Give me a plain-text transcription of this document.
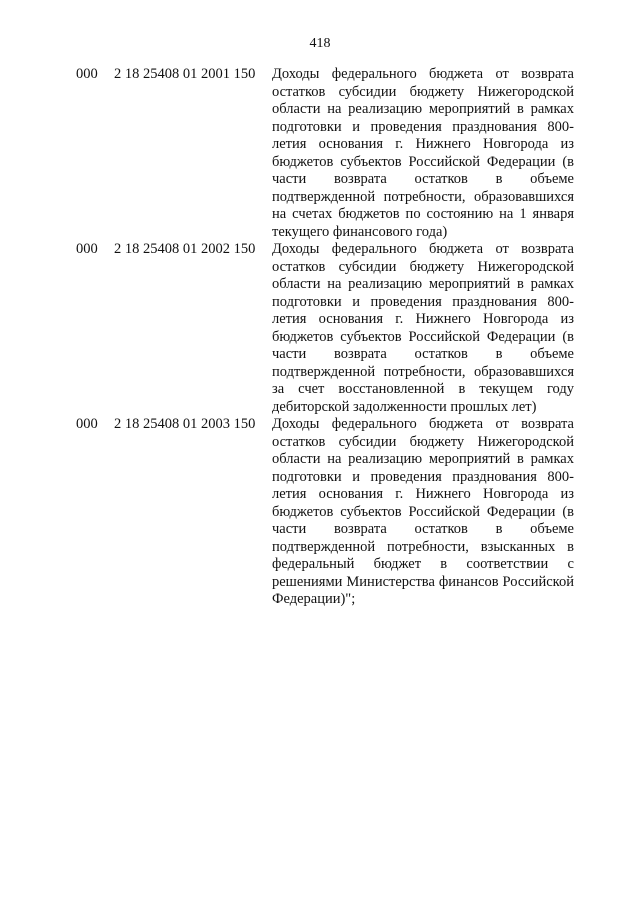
418
000	2 18 25408 01 2001 150	Доходы федерального бюджета от возврата остатков субсидии бюджету Нижегородской области на реализацию мероприятий в рамках подготовки и проведения празднования 800-летия основания г. Нижнего Новгорода из бюджетов субъектов Российской Федерации (в части возврата остатков в объеме подтвержденной потребности, образовавшихся на счетах бюджетов по состоянию на 1 января текущего финансового года)
000	2 18 25408 01 2002 150	Доходы федерального бюджета от возврата остатков субсидии бюджету Нижегородской области на реализацию мероприятий в рамках подготовки и проведения празднования 800-летия основания г. Нижнего Новгорода из бюджетов субъектов Российской Федерации (в части возврата остатков в объеме подтвержденной потребности, образовавшихся за счет восстановленной в текущем году дебиторской задолженности прошлых лет)
000	2 18 25408 01 2003 150	Доходы федерального бюджета от возврата остатков субсидии бюджету Нижегородской области на реализацию мероприятий в рамках подготовки и проведения празднования 800-летия основания г. Нижнего Новгорода из бюджетов субъектов Российской Федерации (в части возврата остатков в объеме подтвержденной потребности, взысканных в федеральный бюджет в соответствии с решениями Министерства финансов Российской Федерации)";
